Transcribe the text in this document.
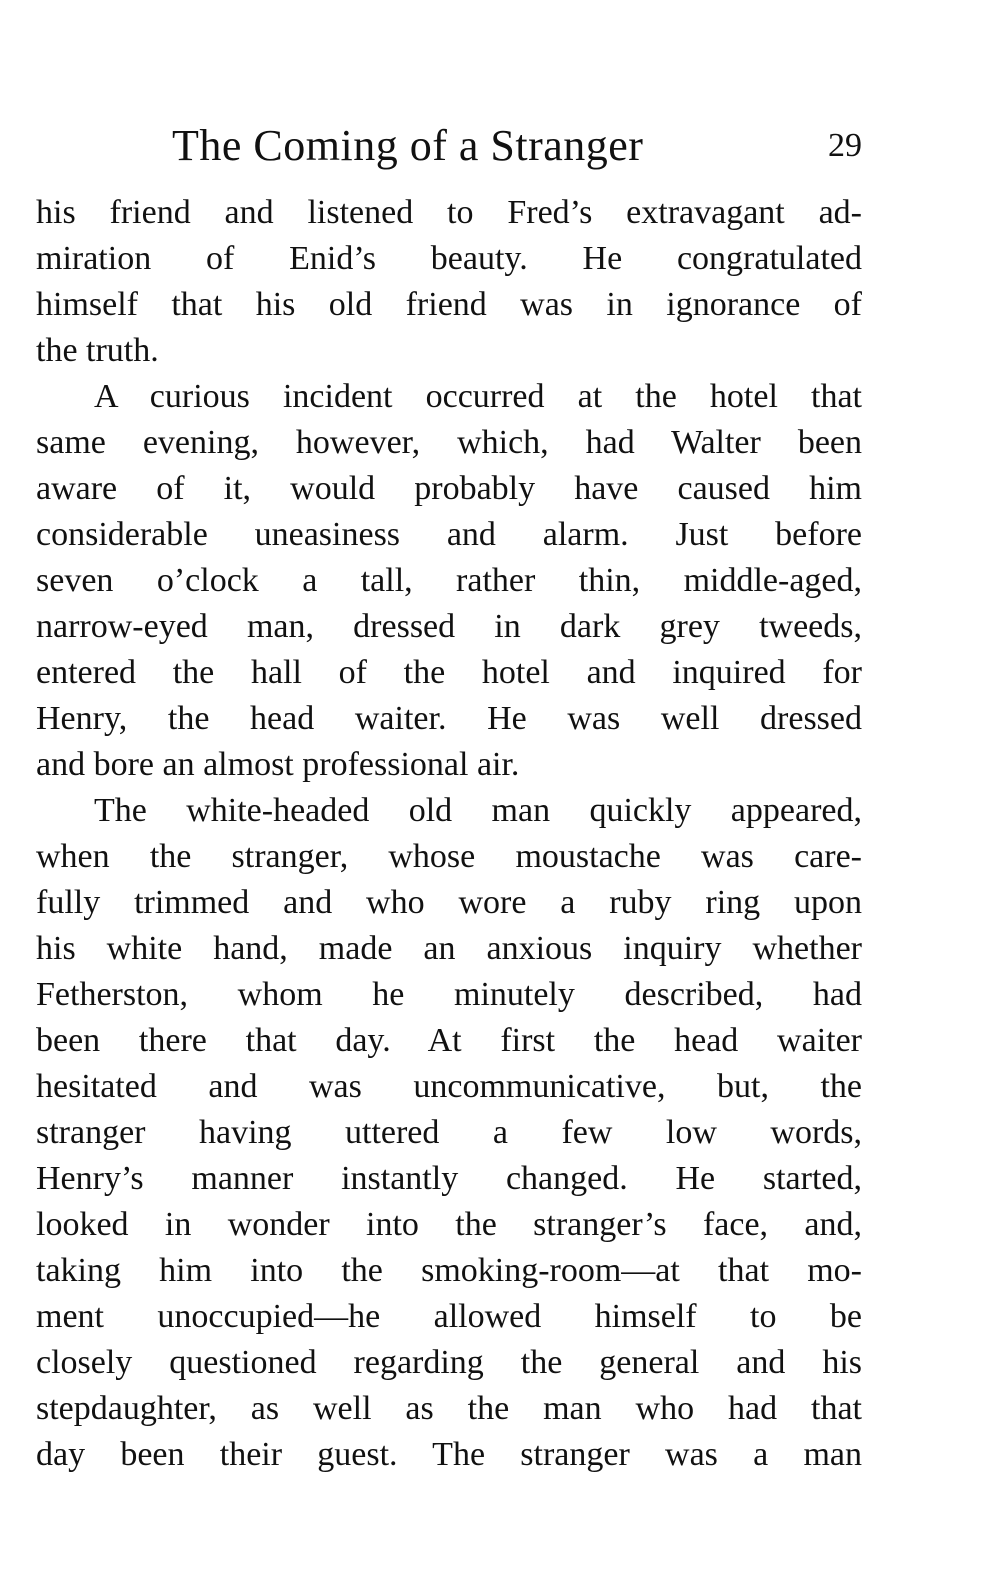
The Coming of a Stranger	29
his friend and listened to Fred’s extravagant ad-
miration of Enid’s beauty. He congratulated
himself that his old friend was in ignorance of
the truth.
A curious incident occurred at the hotel that
same evening, however, which, had Walter been
aware of it, would probably have caused him
considerable uneasiness and alarm. Just before
seven o’clock a tall, rather thin, middle-aged,
narrow-eyed man, dressed in dark grey tweeds,
entered the hall of the hotel and inquired for
Henry, the head waiter. He was well dressed
and bore an almost professional air.
The white-headed old man quickly appeared,
when the stranger, whose moustache was care-
fully trimmed and who wore a ruby ring upon
his white hand, made an anxious inquiry whether
Fetherston, whom he minutely described, had
been there that day. At first the head waiter
hesitated and was uncommunicative, but, the
stranger having uttered a few low words,
Henry’s manner instantly changed. He started,
looked in wonder into the stranger’s face, and,
taking him into the smoking-room—at that mo-
ment unoccupied—he allowed himself to be
closely questioned regarding the general and his
stepdaughter, as well as the man who had that
day been their guest. The stranger was a man
